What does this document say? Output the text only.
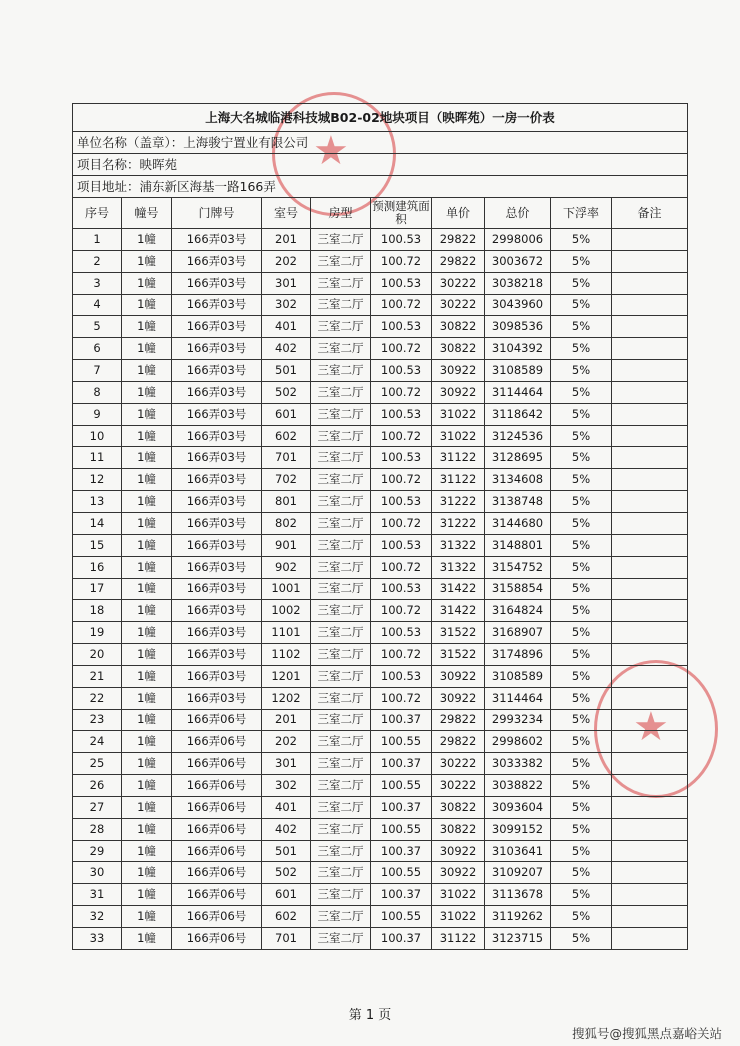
★
★
上海大名城临港科技城B02-02地块项目（映晖苑）一房一价表									
单位名称（盖章）：上海骏宁置业有限公司									
项目名称：映晖苑									
项目地址：浦东新区海基一路166弄									
序号	幢号	门牌号	室号	房型	预测建筑面积	单价	总价	下浮率	备注
1	1幢	166弄03号	201	三室二厅	100.53	29822	2998006	5%	
2	1幢	166弄03号	202	三室二厅	100.72	29822	3003672	5%	
3	1幢	166弄03号	301	三室二厅	100.53	30222	3038218	5%	
4	1幢	166弄03号	302	三室二厅	100.72	30222	3043960	5%	
5	1幢	166弄03号	401	三室二厅	100.53	30822	3098536	5%	
6	1幢	166弄03号	402	三室二厅	100.72	30822	3104392	5%	
7	1幢	166弄03号	501	三室二厅	100.53	30922	3108589	5%	
8	1幢	166弄03号	502	三室二厅	100.72	30922	3114464	5%	
9	1幢	166弄03号	601	三室二厅	100.53	31022	3118642	5%	
10	1幢	166弄03号	602	三室二厅	100.72	31022	3124536	5%	
11	1幢	166弄03号	701	三室二厅	100.53	31122	3128695	5%	
12	1幢	166弄03号	702	三室二厅	100.72	31122	3134608	5%	
13	1幢	166弄03号	801	三室二厅	100.53	31222	3138748	5%	
14	1幢	166弄03号	802	三室二厅	100.72	31222	3144680	5%	
15	1幢	166弄03号	901	三室二厅	100.53	31322	3148801	5%	
16	1幢	166弄03号	902	三室二厅	100.72	31322	3154752	5%	
17	1幢	166弄03号	1001	三室二厅	100.53	31422	3158854	5%	
18	1幢	166弄03号	1002	三室二厅	100.72	31422	3164824	5%	
19	1幢	166弄03号	1101	三室二厅	100.53	31522	3168907	5%	
20	1幢	166弄03号	1102	三室二厅	100.72	31522	3174896	5%	
21	1幢	166弄03号	1201	三室二厅	100.53	30922	3108589	5%	
22	1幢	166弄03号	1202	三室二厅	100.72	30922	3114464	5%	
23	1幢	166弄06号	201	三室二厅	100.37	29822	2993234	5%	
24	1幢	166弄06号	202	三室二厅	100.55	29822	2998602	5%	
25	1幢	166弄06号	301	三室二厅	100.37	30222	3033382	5%	
26	1幢	166弄06号	302	三室二厅	100.55	30222	3038822	5%	
27	1幢	166弄06号	401	三室二厅	100.37	30822	3093604	5%	
28	1幢	166弄06号	402	三室二厅	100.55	30822	3099152	5%	
29	1幢	166弄06号	501	三室二厅	100.37	30922	3103641	5%	
30	1幢	166弄06号	502	三室二厅	100.55	30922	3109207	5%	
31	1幢	166弄06号	601	三室二厅	100.37	31022	3113678	5%	
32	1幢	166弄06号	602	三室二厅	100.55	31022	3119262	5%	
33	1幢	166弄06号	701	三室二厅	100.37	31122	3123715	5%	
第 1 页
搜狐号@搜狐黑点嘉峪关站
